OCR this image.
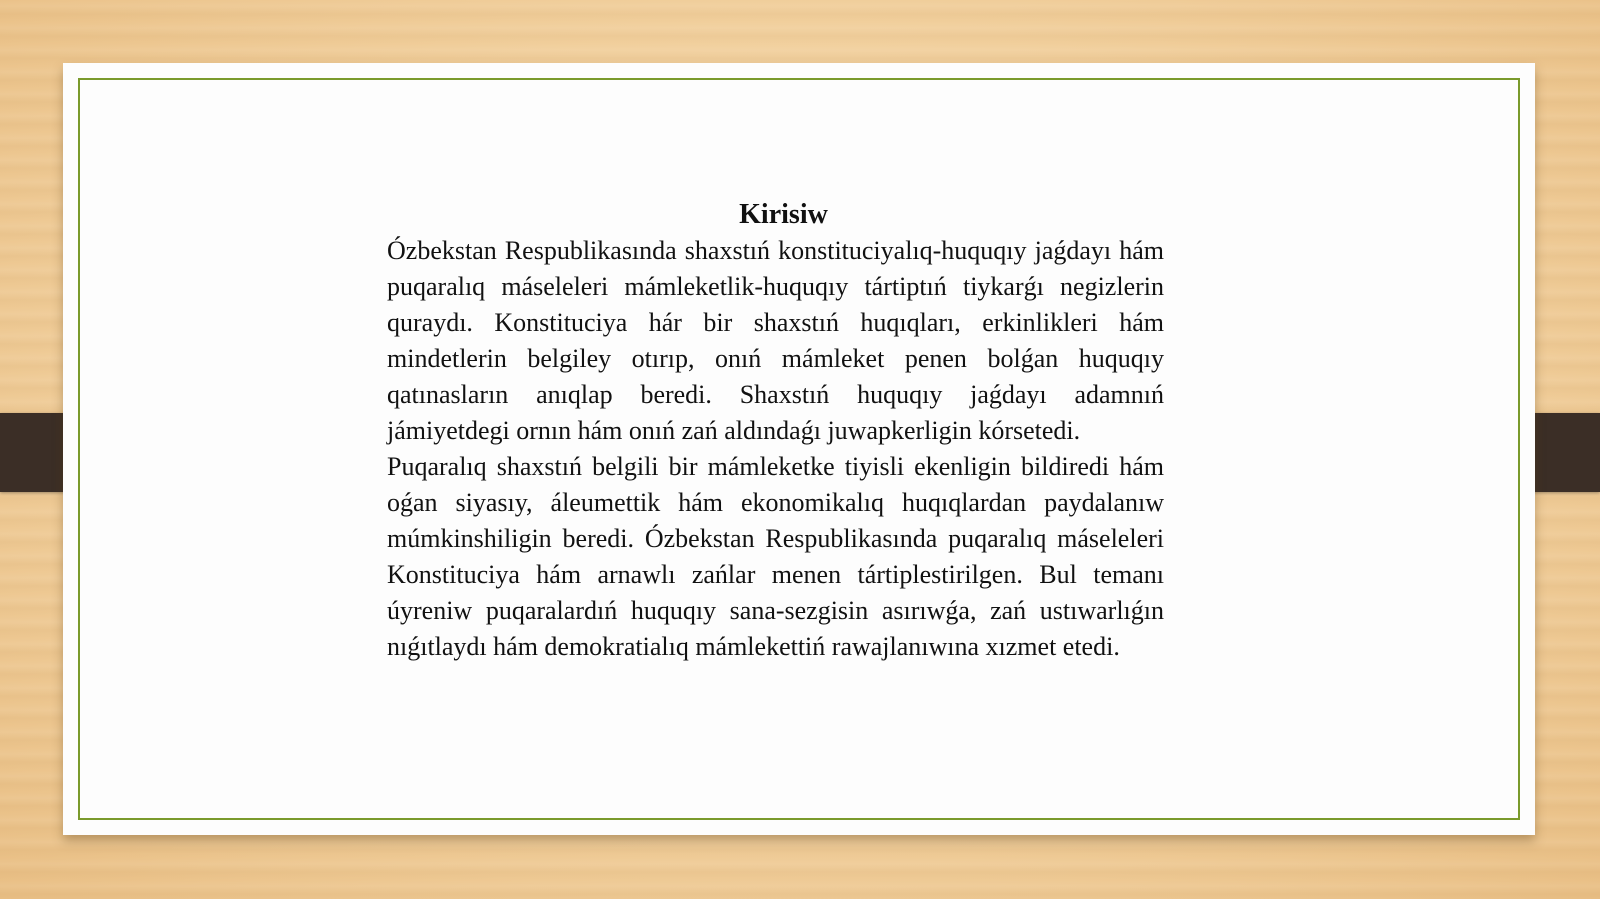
Kirisiw

Ózbekstan Respublikasında shaxstıń konstituciyalıq-huquqıy jaǵdayı hám puqaralıq máseleleri mámleketlik-huquqıy tártiptıń tiykarǵı negizlerin quraydı. Konstituciya hár bir shaxstıń huqıqları, erkinlikleri hám mindetlerin belgiley otırıp, onıń mámleket penen bolǵan huquqıy qatınasların anıqlap beredi. Shaxstıń huquqıy jaǵdayı adamnıń jámiyetdegi ornın hám onıń zań aldındaǵı juwapkerligin kórsetedi.

Puqaralıq shaxstıń belgili bir mámleketke tiyisli ekenligin bildiredi hám oǵan siyasıy, áleumettik hám ekonomikalıq huqıqlardan paydalanıw múmkinshiligin beredi. Ózbekstan Respublikasında puqaralıq máseleleri Konstituciya hám arnawlı zańlar menen tártiplestirilgen. Bul temanı úyreniw puqaralardıń huquqıy sana-sezgisin asırıwǵa, zań ustıwarlıǵın nıǵıtlaydı hám demokratialıq mámlekettiń rawajlanıwına xızmet etedi.
